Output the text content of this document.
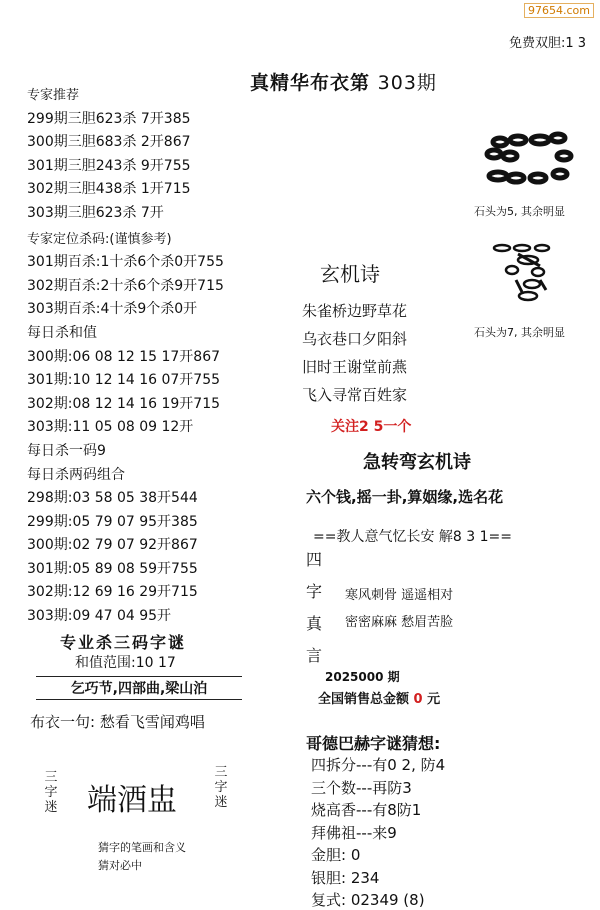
97654.com
免费双胆:1 3
真精华布衣第 303期
专家推荐
299期三胆623杀 7开385
300期三胆683杀 2开867
301期三胆243杀 9开755
302期三胆438杀 1开715
303期三胆623杀 7开
专家定位杀码:(谨慎参考)
301期百杀:1十杀6个杀0开755
302期百杀:2十杀6个杀9开715
303期百杀:4十杀9个杀0开
每日杀和值
300期:06 08 12 15 17开867
301期:10 12 14 16 07开755
302期:08 12 14 16 19开715
303期:11 05 08 09 12开
每日杀一码9
每日杀两码组合
298期:03 58 05 38开544
299期:05 79 07 95开385
300期:02 79 07 92开867
301期:05 89 08 59开755
302期:12 69 16 29开715
303期:09 47 04 95开
专业杀三码字谜
和值范围:10 17
乞巧节,四部曲,梁山泊
布衣一句: 愁看飞雪闻鸡唱
三字迷 端酒盅
三字迷
猜字的笔画和含义
猜对必中
石头为5, 其余明显
石头为7, 其余明显
玄机诗
朱雀桥边野草花
乌衣巷口夕阳斜
旧时王谢堂前燕
飞入寻常百姓家
关注2 5一个
急转弯玄机诗
六个钱,摇一卦,算姻缘,选名花
==教人意气忆长安 解8 3 1==
四
字
真
言
寒风刺骨 遥遥相对
密密麻麻 愁眉苦脸
2025000 期
全国销售总金额 0 元
哥德巴赫字谜猜想:
四拆分---有0 2, 防4
三个数---再防3
烧高香---有8防1
拜佛祖---来9
金胆: 0
银胆: 234
复式: 02349 (8)
